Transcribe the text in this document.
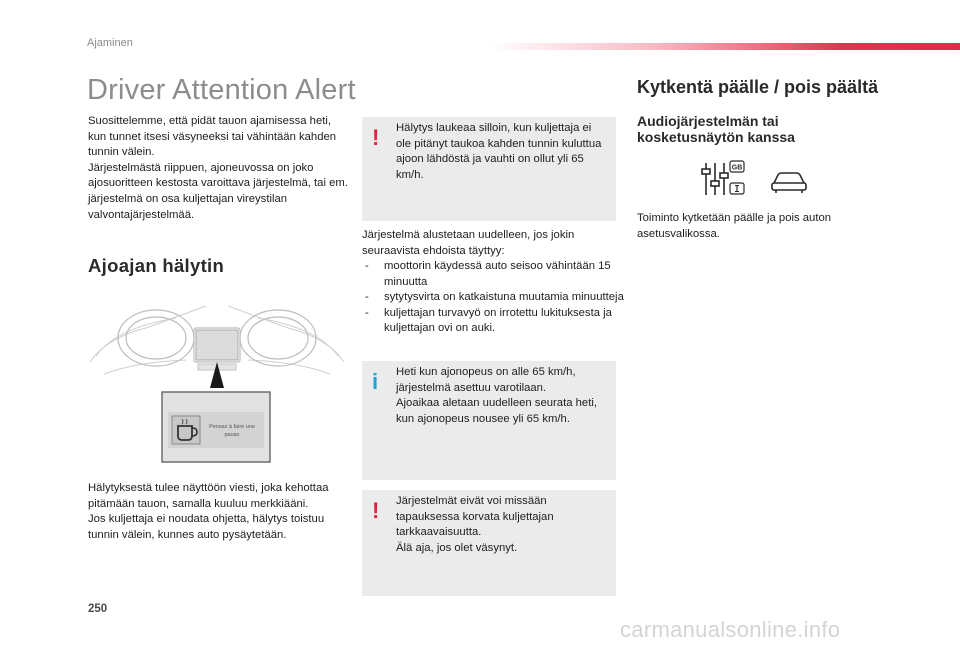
Ajaminen
Driver Attention Alert

Suosittelemme, että pidät tauon ajamisessa heti, kun tunnet itsesi väsyneeksi tai vähintään kahden tunnin välein.
Järjestelmästä riippuen, ajoneuvossa on joko ajosuoritteen kestosta varoittava järjestelmä, tai em. järjestelmä on osa kuljettajan vireystilan valvontajärjestelmää.

Ajoajan hälytin
Pensez à faire une pause

Hälytyksestä tulee näyttöön viesti, joka kehottaa pitämään tauon, samalla kuuluu merkkiääni.
Jos kuljettaja ei noudata ohjetta, hälytys toistuu tunnin välein, kunnes auto pysäytetään.

! Hälytys laukeaa silloin, kun kuljettaja ei ole pitänyt taukoa kahden tunnin kuluttua ajoon lähdöstä ja vauhti on ollut yli 65 km/h.

Järjestelmä alustetaan uudelleen, jos jokin seuraavista ehdoista täyttyy:

- moottorin käydessä auto seisoo vähintään 15 minuutta
- sytytysvirta on katkaistuna muutamia minuutteja
- kuljettajan turvavyö on irrotettu lukituksesta ja kuljettajan ovi on auki.
i Heti kun ajonopeus on alle 65 km/h, järjestelmä asettuu varotilaan.
Ajoaikaa aletaan uudelleen seurata heti, kun ajonopeus nousee yli 65 km/h.

! Järjestelmät eivät voi missään tapauksessa korvata kuljettajan tarkkaavaisuutta.
Älä aja, jos olet väsynyt.

Kytkentä päälle / pois päältä
Audiojärjestelmän tai kosketusnäytön kanssa
GB

Toiminto kytketään päälle ja pois auton asetusvalikossa.

250
carmanualsonline.info
